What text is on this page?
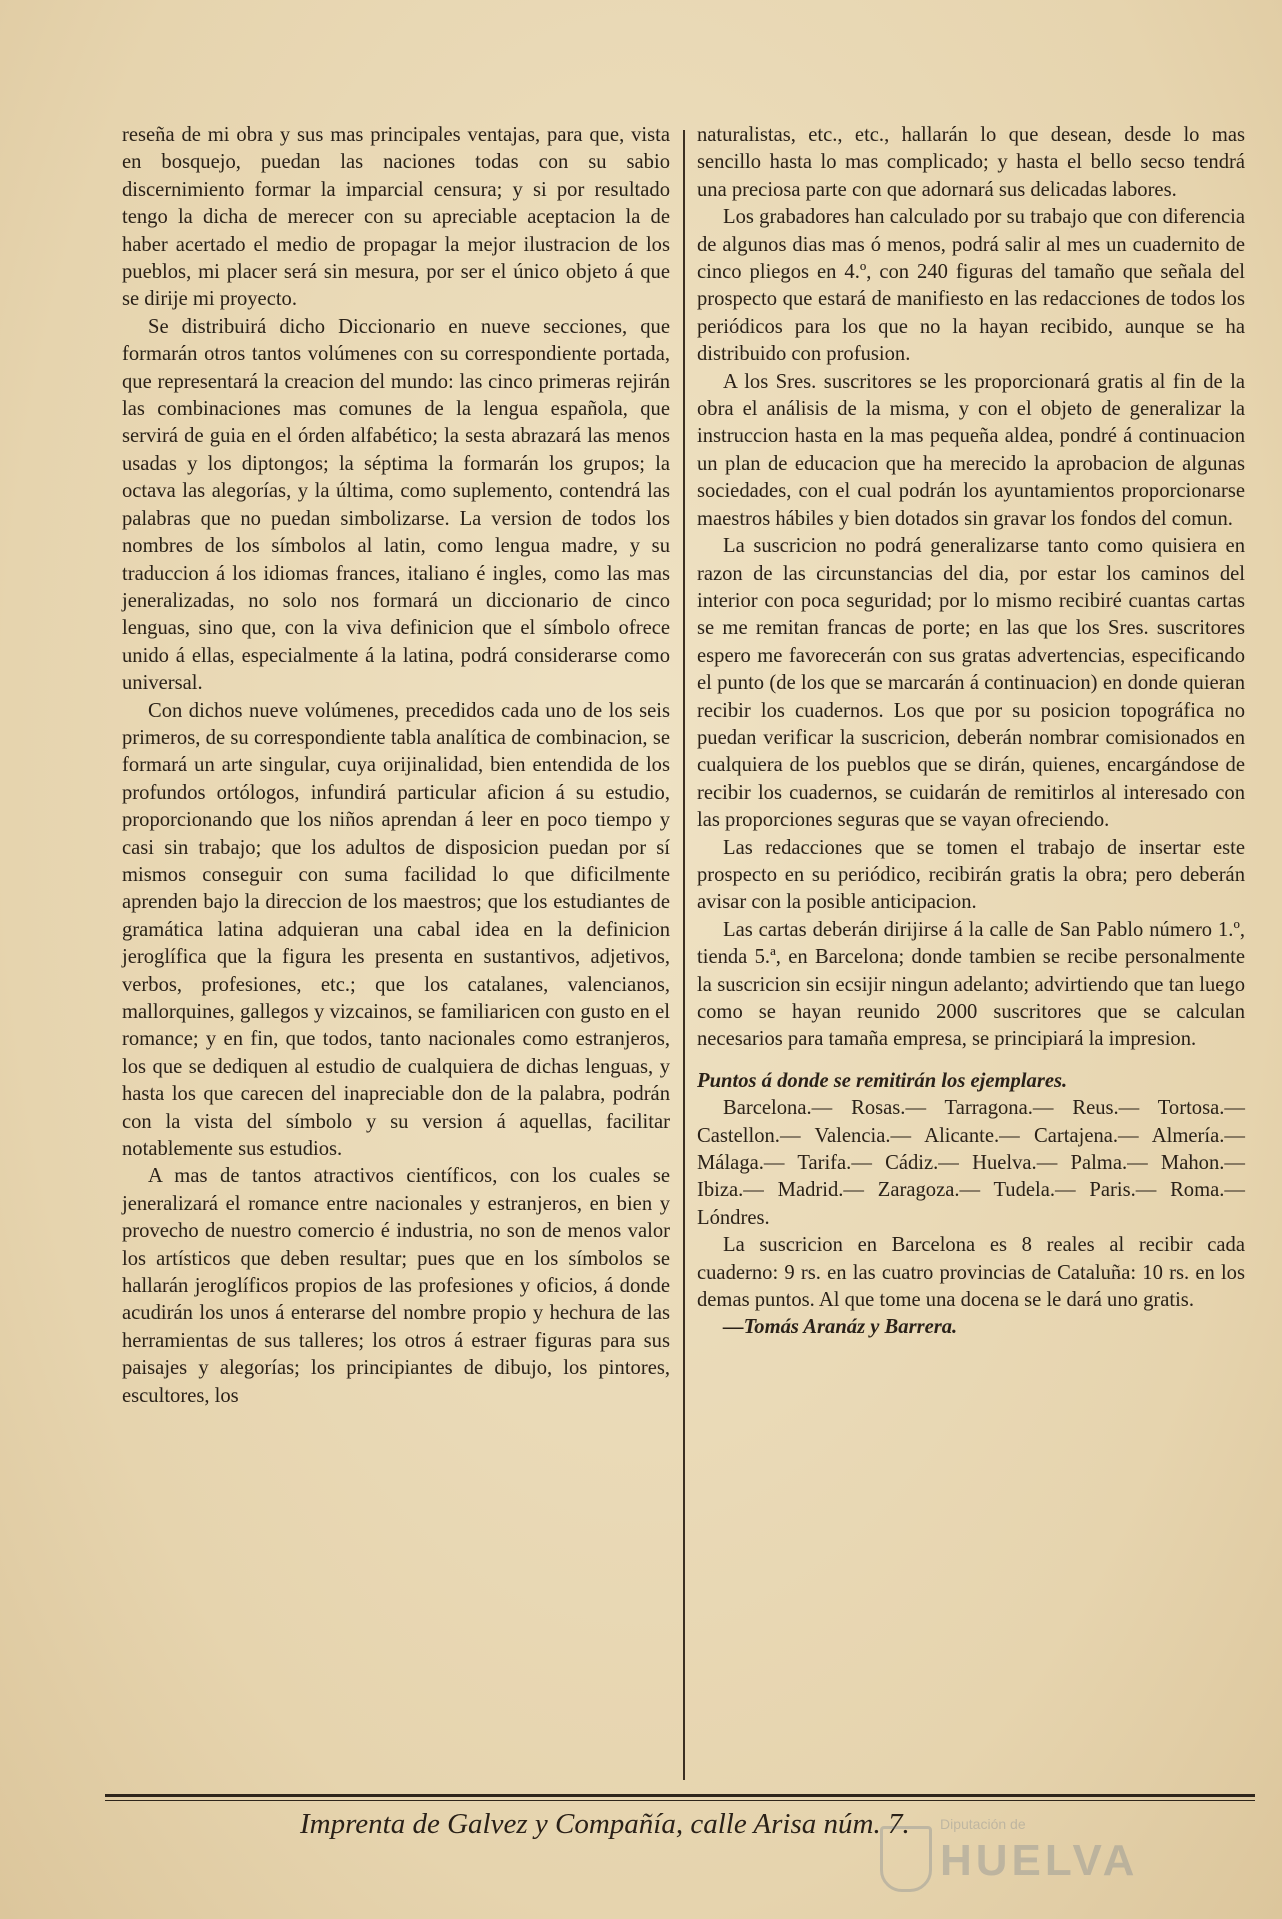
reseña de mi obra y sus mas principales ventajas, para que, vista en bosquejo, puedan las naciones todas con su sabio discernimiento formar la imparcial censura; y si por resultado tengo la dicha de merecer con su apreciable aceptacion la de haber acertado el medio de propagar la mejor ilustracion de los pueblos, mi placer será sin mesura, por ser el único objeto á que se dirije mi proyecto.

Se distribuirá dicho Diccionario en nueve secciones, que formarán otros tantos volúmenes con su correspondiente portada, que representará la creacion del mundo: las cinco primeras rejirán las combinaciones mas comunes de la lengua española, que servirá de guia en el órden alfabético; la sesta abrazará las menos usadas y los diptongos; la séptima la formarán los grupos; la octava las alegorías, y la última, como suplemento, contendrá las palabras que no puedan simbolizarse. La version de todos los nombres de los símbolos al latin, como lengua madre, y su traduccion á los idiomas frances, italiano é ingles, como las mas jeneralizadas, no solo nos formará un diccionario de cinco lenguas, sino que, con la viva definicion que el símbolo ofrece unido á ellas, especialmente á la latina, podrá considerarse como universal.

Con dichos nueve volúmenes, precedidos cada uno de los seis primeros, de su correspondiente tabla analítica de combinacion, se formará un arte singular, cuya orijinalidad, bien entendida de los profundos ortólogos, infundirá particular aficion á su estudio, proporcionando que los niños aprendan á leer en poco tiempo y casi sin trabajo; que los adultos de disposicion puedan por sí mismos conseguir con suma facilidad lo que dificilmente aprenden bajo la direccion de los maestros; que los estudiantes de gramática latina adquieran una cabal idea en la definicion jeroglífica que la figura les presenta en sustantivos, adjetivos, verbos, profesiones, etc.; que los catalanes, valencianos, mallorquines, gallegos y vizcainos, se familiaricen con gusto en el romance; y en fin, que todos, tanto nacionales como estranjeros, los que se dediquen al estudio de cualquiera de dichas lenguas, y hasta los que carecen del inapreciable don de la palabra, podrán con la vista del símbolo y su version á aquellas, facilitar notablemente sus estudios.

A mas de tantos atractivos científicos, con los cuales se jeneralizará el romance entre nacionales y estranjeros, en bien y provecho de nuestro comercio é industria, no son de menos valor los artísticos que deben resultar; pues que en los símbolos se hallarán jeroglíficos propios de las profesiones y oficios, á donde acudirán los unos á enterarse del nombre propio y hechura de las herramientas de sus talleres; los otros á estraer figuras para sus paisajes y alegorías; los principiantes de dibujo, los pintores, escultores, los

naturalistas, etc., etc., hallarán lo que desean, desde lo mas sencillo hasta lo mas complicado; y hasta el bello secso tendrá una preciosa parte con que adornará sus delicadas labores.

Los grabadores han calculado por su trabajo que con diferencia de algunos dias mas ó menos, podrá salir al mes un cuadernito de cinco pliegos en 4.º, con 240 figuras del tamaño que señala del prospecto que estará de manifiesto en las redacciones de todos los periódicos para los que no la hayan recibido, aunque se ha distribuido con profusion.

A los Sres. suscritores se les proporcionará gratis al fin de la obra el análisis de la misma, y con el objeto de generalizar la instruccion hasta en la mas pequeña aldea, pondré á continuacion un plan de educacion que ha merecido la aprobacion de algunas sociedades, con el cual podrán los ayuntamientos proporcionarse maestros hábiles y bien dotados sin gravar los fondos del comun.

La suscricion no podrá generalizarse tanto como quisiera en razon de las circunstancias del dia, por estar los caminos del interior con poca seguridad; por lo mismo recibiré cuantas cartas se me remitan francas de porte; en las que los Sres. suscritores espero me favorecerán con sus gratas advertencias, especificando el punto (de los que se marcarán á continuacion) en donde quieran recibir los cuadernos. Los que por su posicion topográfica no puedan verificar la suscricion, deberán nombrar comisionados en cualquiera de los pueblos que se dirán, quienes, encargándose de recibir los cuadernos, se cuidarán de remitirlos al interesado con las proporciones seguras que se vayan ofreciendo.

Las redacciones que se tomen el trabajo de insertar este prospecto en su periódico, recibirán gratis la obra; pero deberán avisar con la posible anticipacion.

Las cartas deberán dirijirse á la calle de San Pablo número 1.º, tienda 5.ª, en Barcelona; donde tambien se recibe personalmente la suscricion sin ecsijir ningun adelanto; advirtiendo que tan luego como se hayan reunido 2000 suscritores que se calculan necesarios para tamaña empresa, se principiará la impresion.

Puntos á donde se remitirán los ejemplares.

Barcelona.— Rosas.— Tarragona.— Reus.— Tortosa.— Castellon.— Valencia.— Alicante.— Cartajena.— Almería.— Málaga.— Tarifa.— Cádiz.— Huelva.— Palma.— Mahon.— Ibiza.— Madrid.— Zaragoza.— Tudela.— Paris.— Roma.— Lóndres.

La suscricion en Barcelona es 8 reales al recibir cada cuaderno: 9 rs. en las cuatro provincias de Cataluña: 10 rs. en los demas puntos. Al que tome una docena se le dará uno gratis.

—Tomás Aranáz y Barrera.

Imprenta de Galvez y Compañía, calle Arisa núm. 7.	Diputación de
HUELVA
